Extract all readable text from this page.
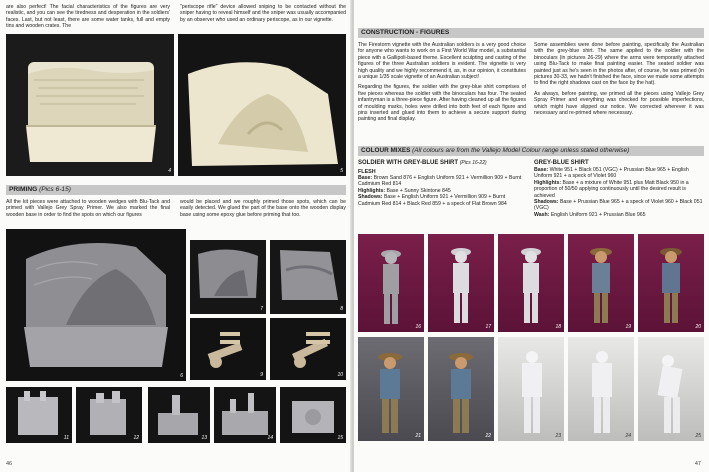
are also perfect! The facial characteristics of the figures are very realistic, and you can see the tiredness and desperation in the soldiers' faces. Last, but not least, there are some water tanks, full and empty tins and wooden crates. The

"periscope rifle" device allowed sniping to be contacted without the sniper having to reveal himself and the sniper was usually accompanied by an observer who used an ordinary periscope, as in our vignette.

4	5
PRIMING (Pics 6-15)

All the kit pieces were attached to wooden wedges with Blu-Tack and primed with Vallejo Grey Spray Primer. We also marked the final wooden base in order to find the spots on which our figures

would be placed and we roughly primed those spots, which can be easily detected. We glued the part of the base onto the wooden display base using some epoxy glue before priming that too.

6
7	8
9	10
11	12	13	14	15
46
CONSTRUCTION - FIGURES

The Firestorm vignette with the Australian soldiers is a very good choice for anyone who wants to work on a First World War model, a substantial piece with a Gallipoli-based theme. Excellent sculpting and casting of the figures of the three Australian soldiers is evident. The vignette is very high quality and we highly recommend it, as, in our opinion, it constitutes a unique 1/35 scale vignette of an Australian subject!

Regarding the figures, the soldier with the grey-blue shirt comprises of five pieces whereas the soldier with the binoculars has four. The seated infantryman is a three-piece figure. After having cleaned up all the figures of moulding marks, holes were drilled into both feet of each figure and pins inserted and glued into them to achieve a secure support during painting and final display.

Some assemblies were done before painting, specifically the Australian with the grey-blue shirt. The same applied to the soldier with the binoculars (in pictures 26-29) where the arms were temporarily attached using Blu-Tack to make final painting easier. The seated soldier was painted just as he's seen in the photos after, of course, he was primed (in pictures 30-33, we hadn't finished the face, since we made some attempts to find the right shadows cast on the face by the hat).

As always, before painting, we primed all the pieces using Vallejo Grey Spray Primer and everything was checked for possible imperfections, which might have slipped our notice. We corrected wherever it was necessary and re-primed where necessary.

COLOUR MIXES (All colours are from the Vallejo Model Colour range unless stated otherwise)
SOLDIER WITH GREY-BLUE SHIRT (Pics 16-22)
FLESH
Base: Brown Sand 876 + English Uniform 921 + Vermillion 909 + Burnt Cadmium Red 814
Highlights: Base + Sunny Skintone 845
Shadows: Base + English Uniform 921 + Vermillion 909 + Burnt Cadmium Red 814 + Black Red 859 + a speck of Flat Brown 984
GREY-BLUE SHIRT
Base: White 951 + Black 051 (VGC) + Prussian Blue 965 + English Uniform 921 + a speck of Violet 960
Highlights: Base + a mixture of White 951 plus Matt Black 950 in a proportion of 50/50 applying continuously until the desired result is achieved
Shadows: Base + Prussian Blue 965 + a speck of Violet 960 + Black 051 (VGC)
Wash: English Uniform 921 + Prussian Blue 965
16	17	18	19	20
21	22	23	24	25
47
